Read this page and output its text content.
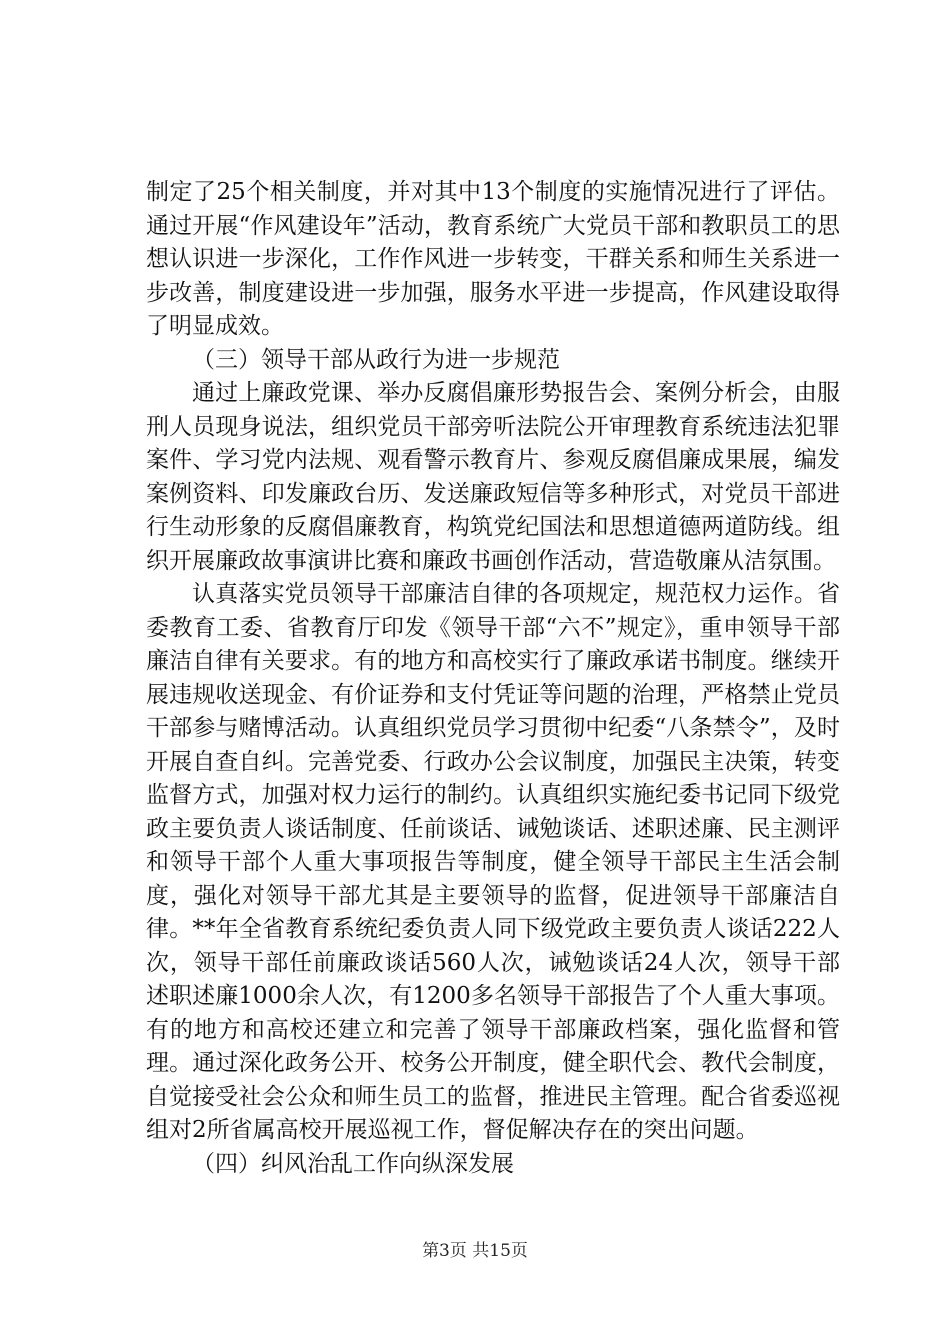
制定了25个相关制度，并对其中13个制度的实施情况进行了评估。通过开展“作风建设年”活动，教育系统广大党员干部和教职员工的思想认识进一步深化，工作作风进一步转变，干群关系和师生关系进一步改善，制度建设进一步加强，服务水平进一步提高，作风建设取得了明显成效。

（三）领导干部从政行为进一步规范

通过上廉政党课、举办反腐倡廉形势报告会、案例分析会，由服刑人员现身说法，组织党员干部旁听法院公开审理教育系统违法犯罪案件、学习党内法规、观看警示教育片、参观反腐倡廉成果展，编发案例资料、印发廉政台历、发送廉政短信等多种形式，对党员干部进行生动形象的反腐倡廉教育，构筑党纪国法和思想道德两道防线。组织开展廉政故事演讲比赛和廉政书画创作活动，营造敬廉从洁氛围。

认真落实党员领导干部廉洁自律的各项规定，规范权力运作。省委教育工委、省教育厅印发《领导干部“六不”规定》，重申领导干部廉洁自律有关要求。有的地方和高校实行了廉政承诺书制度。继续开展违规收送现金、有价证券和支付凭证等问题的治理，严格禁止党员干部参与赌博活动。认真组织党员学习贯彻中纪委“八条禁令”，及时开展自查自纠。完善党委、行政办公会议制度，加强民主决策，转变监督方式，加强对权力运行的制约。认真组织实施纪委书记同下级党政主要负责人谈话制度、任前谈话、诫勉谈话、述职述廉、民主测评和领导干部个人重大事项报告等制度，健全领导干部民主生活会制度，强化对领导干部尤其是主要领导的监督，促进领导干部廉洁自律。**年全省教育系统纪委负责人同下级党政主要负责人谈话222人次，领导干部任前廉政谈话560人次，诫勉谈话24人次，领导干部述职述廉1000余人次，有1200多名领导干部报告了个人重大事项。有的地方和高校还建立和完善了领导干部廉政档案，强化监督和管理。通过深化政务公开、校务公开制度，健全职代会、教代会制度，自觉接受社会公众和师生员工的监督，推进民主管理。配合省委巡视组对2所省属高校开展巡视工作，督促解决存在的突出问题。

（四）纠风治乱工作向纵深发展

第3页 共15页
